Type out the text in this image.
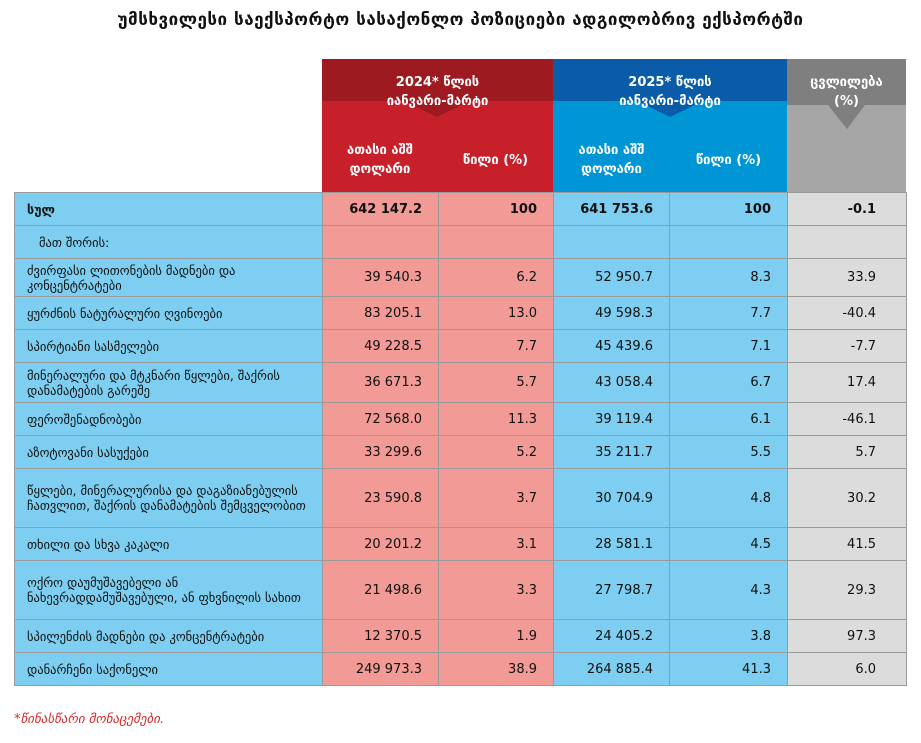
უმსხვილესი საექსპორტო სასაქონლო პოზიციები ადგილობრივ ექსპორტში
2024* წლის
იანვარი-მარტი
ათასი აშშ
დოლარი
წილი (%)
2025* წლის
იანვარი-მარტი
ათასი აშშ
დოლარი
წილი (%)
ცვლილება
(%)
სულ	642 147.2	100	641 753.6	100	-0.1
მათ შორის:					
ძვირფასი ლითონების მადნები და კონცენტრატები	39 540.3	6.2	52 950.7	8.3	33.9
ყურძნის ნატურალური ღვინოები	83 205.1	13.0	49 598.3	7.7	-40.4
სპირტიანი სასმელები	49 228.5	7.7	45 439.6	7.1	-7.7
მინერალური და მტკნარი წყლები, შაქრის დანამატების გარეშე	36 671.3	5.7	43 058.4	6.7	17.4
ფეროშენადნობები	72 568.0	11.3	39 119.4	6.1	-46.1
აზოტოვანი სასუქები	33 299.6	5.2	35 211.7	5.5	5.7
წყლები, მინერალურისა და დაგაზიანებულის ჩათვლით, შაქრის დანამატების შემცველობით	23 590.8	3.7	30 704.9	4.8	30.2
თხილი და სხვა კაკალი	20 201.2	3.1	28 581.1	4.5	41.5
ოქრო დაუმუშავებელი ან ნახევრადდამუშავებული, ან ფხვნილის სახით	21 498.6	3.3	27 798.7	4.3	29.3
სპილენძის მადნები და კონცენტრატები	12 370.5	1.9	24 405.2	3.8	97.3
დანარჩენი საქონელი	249 973.3	38.9	264 885.4	41.3	6.0
*წინასწარი მონაცემები.
